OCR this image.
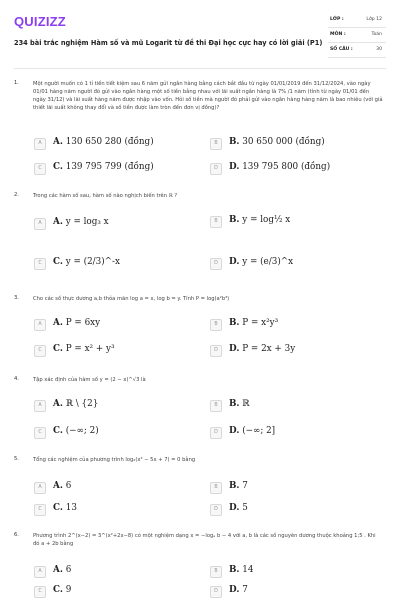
QUIZIZZ
234 bài trắc nghiệm Hàm số và mũ Logarit từ đề thi Đại học cực hay có lời giải (P1)
LỚP :	Lớp 12
MÔN :	Toán
SỐ CÂU :	30
1.	Một người muốn có 1 tỉ tiền tiết kiệm sau 6 năm gửi ngân hàng bằng cách bắt đầu từ ngày 01/01/2019 đến 31/12/2024, vào ngày 01/01 hàng năm người đó gửi vào ngân hàng một số tiền bằng nhau với lãi suất ngân hàng là 7% /1 năm (tính từ ngày 01/01 đến ngày 31/12) và lãi suất hàng năm được nhập vào vốn. Hỏi số tiền mà người đó phải gửi vào ngân hàng hàng năm là bao nhiêu (với giả thiết lãi suất không thay đổi và số tiền được làm tròn đến đơn vị đồng)?
A	A. 130 650 280 (đồng)	B	B. 30 650 000 (đồng)
C	C. 139 795 799 (đồng)	D	D. 139 795 800 (đồng)
2.	Trong các hàm số sau, hàm số nào nghịch biến trên ℝ ?
A	A. y = log₃ x	B	B. y = log½ x
C	C. y = (2/3)^-x	D	D. y = (e/3)^x
3.	Cho các số thực dương a,b thỏa mãn log a = x, log b = y. Tính P = log(a²b³)
A	A. P = 6xy	B	B. P = x²y³
C	C. P = x² + y³	D	D. P = 2x + 3y
4.	Tập xác định của hàm số y = (2 − x)^√3 là
A	A. ℝ \ {2}	B	B. ℝ
C	C. (−∞; 2)	D	D. (−∞; 2]
5.	Tổng các nghiệm của phương trình log₂(x² − 5x + 7) = 0 bằng
A	A. 6	B	B. 7
C	C. 13	D	D. 5
6.	Phương trình 2^(x−2) = 3^(x²+2x−8) có một nghiệm dạng x = −logₐ b − 4 với a, b là các số nguyên dương thuộc khoảng 1;5 . Khi đó a + 2b bằng
A	A. 6	B	B. 14
C	C. 9	D	D. 7
